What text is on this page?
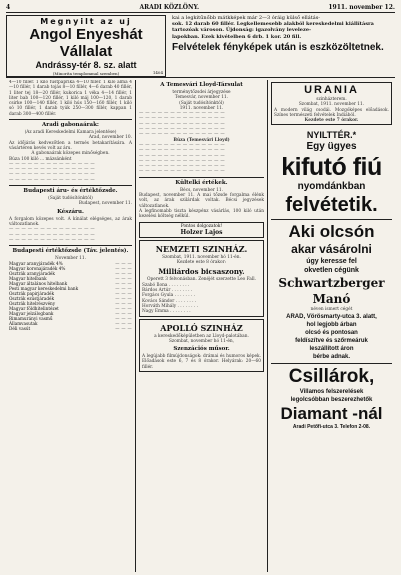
4	ARADI KÖZLÖNY.	1911. november 12.
Megnyilt az uj
Angol Enyeshát Vállalat
Andrássy-tér 8. sz. alatt
(Minorita templommal szemben)	1404
kai a legkitűnőbb mátkképek már 2—3 óráig külső ellátás-
sok. 12 darab 60 fillér. Legkellemesebb alakból kereskedelmi kiállításra
tartozóak városon. Újdonság: igazolvány leveleze-
lapokban. Ezek kivételben 6 drb. 1 kor. 20 fill.
Felvételek fényképek után is eszközöltetnek.
4—10 fillér. 1 kiló füstpaprika 4—10 fillér. 1 kiló alma 4—10 fillér, 1 darab tojás 8—10 fillér, 4—6 darab 40 fillér, 1 liter tej 18—20 fillér, kukorica 1 véka 4—14 fillér, 1 liter bab 100—120 fillér, 1 kiló máj 100—120, 1 darab csirke 100—140 fillér, 1 kiló hús 150—160 fillér, 1 kiló só 10 fillér, 1 darab tyúk 250—300 fillér, kappan 1 darab 300—400 fillér.
Aradi gabonaárak:
(Az aradi Kereskedelmi Kamara jelentése)
Arad, november 10.
Az időjárás kedvezőtlen a termés betakarítására. A vásártéren kevés volt az áru.
A gabonaárak közepes minőségben.
Búza 100 kiló ... mázsánként
— — — — — — — — — — — — — —
— — — — — — — — — — — — — —
— — — — — — — — — — — — — —
— — — — — — — — — — — — — —
Budapesti áru- és értéktőzsde.
(Saját tudósítónktól)
Budapest, november 11.
Készáru.
A forgalom közepes volt. A kínálat elégséges, az árak változatlanok.
— — — — — — — — — — — — — —
— — — — — — — — — — — — — —
— — — — — — — — — — — — — —
Budapesti értéktőzsde (Táv. jelentés).
November 11.
Magyar aranyjáradék 4%	— — —
Magyar koronajáradék 4%	— — —
Osztrák aranyjáradék	— — —
Magyar hitelbank	— — —
Magyar általános hitelbank	— — —
Pesti magyar kereskedelmi bank	— — —
Osztrák papirjáradék	— — —
Osztrák ezüstjáradék	— — —
Osztrák hitelrészvény	— — —
Magyar földhitelintézet	— — —
Magyar jelzálogbank	— — —
Rimamurányi vasmű	— — —
Államvasutak	— — —
Déli vasút	— — —
A Temesvári Lloyd-Társulat
terménytőzsdei árjegyzése
Temesvár, november 11.
(Saját tudósítónktól)
1911. november 11.
— — — — — — — — — — — — — —
— — — — — — — — — — — — — —
— — — — — — — — — — — — — —
— — — — — — — — — — — — — —
— — — — — — — — — — — — — —
Búza (Temesvári Lloyd)
— — — — — — — — — — — — — —
— — — — — — — — — — — — — —
— — — — — — — — — — — — — —
— — — — — — — — — — — — — —
— — — — — — — — — — — — — —
— — — — — — — — — — — — — —
Kültelki értékek.
Bécs, november 11.
Budapest, november 11. A mai tőzsde forgalma élénk volt, az árak szilárdak voltak. Bécsi jegyzések változatlanok.
A legfinomabb tiszta készpénz vásárlás, 100 kiló után kezelési költség nélkül.
Pontos dolgozatok!
Holzer Lajos
NEMZETI SZINHÁZ.
Szombat, 1911. november hó 11-én.
Kezdete este 8 órakor:
Milliárdos bicsaszony.
Operett 3 felvonásban. Zenéjét szerzette Leo Fall.
Szabó Ilona . . . . . . . .
Bárdos Artúr . . . . . . . .
Forgács Gyula . . . . . . . .
Kovács Sándor . . . . . . . .
Horváth Mihály . . . . . . . .
Nagy Emma . . . . . . . .
APOLLÓ SZINHÁZ
a kereskedőképületben az Lloyd-palotában.
Szombat, november hó 11-én,
Szenzációs műsor.
A legújabb filmújdonságok: drámai és humoros képek. Előadások este 6, 7 és 8 órakor. Helyárak: 20—60 fillér.
URANIA
szinházterem.
Szombat, 1911. november 11.
A modern világ csodái. Mozgóképes előadások. Színes természeti felvételek Indiából.
Kezdete este 7 órakor.
NYILTTÉR.*
Egy ügyes
kifutó fiú
nyomdánkban
felvétetik.
Aki olcsón
akar vásárolni
úgy keresse fel
okvetlen cégünk
Schwartzberger Manó
néven ismert cégét
ARAD, Vörösmarty-utca 3. alatt,
hol legjobb árban
olcsó és pontosan
feldíszítve és szőrmeáruk
leszállított áron
bérbe adnak.
Csillárok,
Villamos felszerelések
legolcsóbban beszerezhetők
Diamant -nál
Aradi Petőfi-utca 3. Telefon 2-08.
